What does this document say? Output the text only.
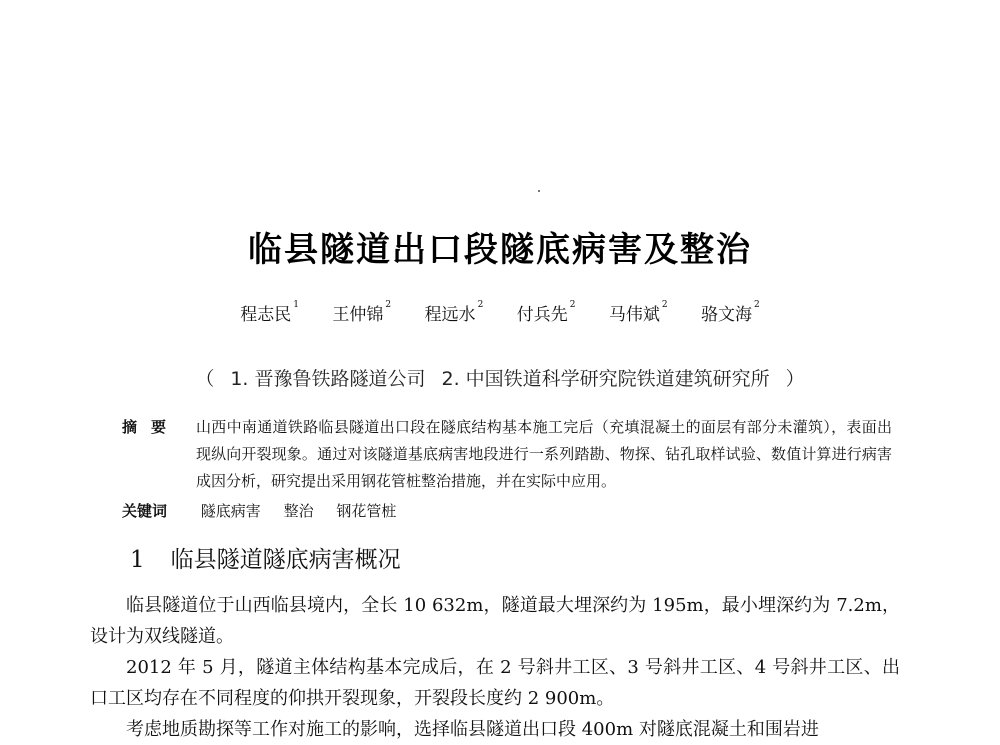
临县隧道出口段隧底病害及整治
程志民 $^1$ 王仲锦 $^2$ 程远水 $^2$ 付兵先 $^2$ 马伟斌 $^2$ 骆文海 $^2$
（ 1. 晋豫鲁铁路隧道公司 2. 中国铁道科学研究院铁道建筑研究所 ）
摘要 山西中南通道铁路临县隧道出口段在隧底结构基本施工完后（充填混凝土的面层有部分未灌筑），表面出现纵向开裂现象。通过对该隧道基底病害地段进行一系列踏勘、物探、钻孔取样试验、数值计算进行病害成因分析，研究提出采用钢花管桩整治措施，并在实际中应用。
关键词 隧底病害 整治 钢花管桩
1 临县隧道隧底病害概况

临县隧道位于山西临县境内，全长 10 632m，隧道最大埋深约为 195m，最小埋深约为 7.2m，设计为双线隧道。

2012 年 5 月，隧道主体结构基本完成后，在 2 号斜井工区、3 号斜井工区、4 号斜井工区、出口工区均存在不同程度的仰拱开裂现象，开裂段长度约 2 900m。

考虑地质勘探等工作对施工的影响，选择临县隧道出口段 400m 对隧底混凝土和围岩进
